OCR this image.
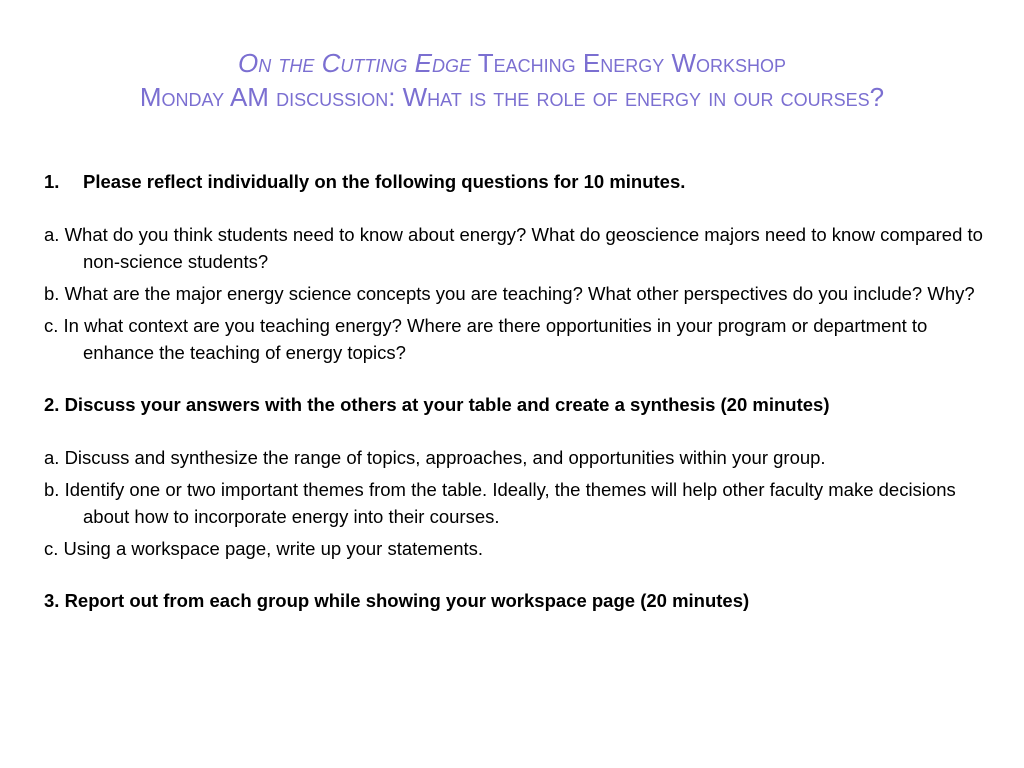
On the Cutting Edge Teaching Energy Workshop
Monday AM discussion: What is the role of energy in our courses?

1.	Please reflect individually on the following questions for 10 minutes.

a. What do you think students need to know about energy? What do geoscience majors need to know compared to non-science students?

b. What are the major energy science concepts you are teaching? What other perspectives do you include? Why?

c. In what context are you teaching energy? Where are there opportunities in your program or department to enhance the teaching of energy topics?

2. Discuss your answers with the others at your table and create a synthesis (20 minutes)

a. Discuss and synthesize the range of topics, approaches, and opportunities within your group.

b. Identify one or two important themes from the table. Ideally, the themes will help other faculty make decisions about how to incorporate energy into their courses.

c. Using a workspace page, write up your statements.

3. Report out from each group while showing your workspace page (20 minutes)
